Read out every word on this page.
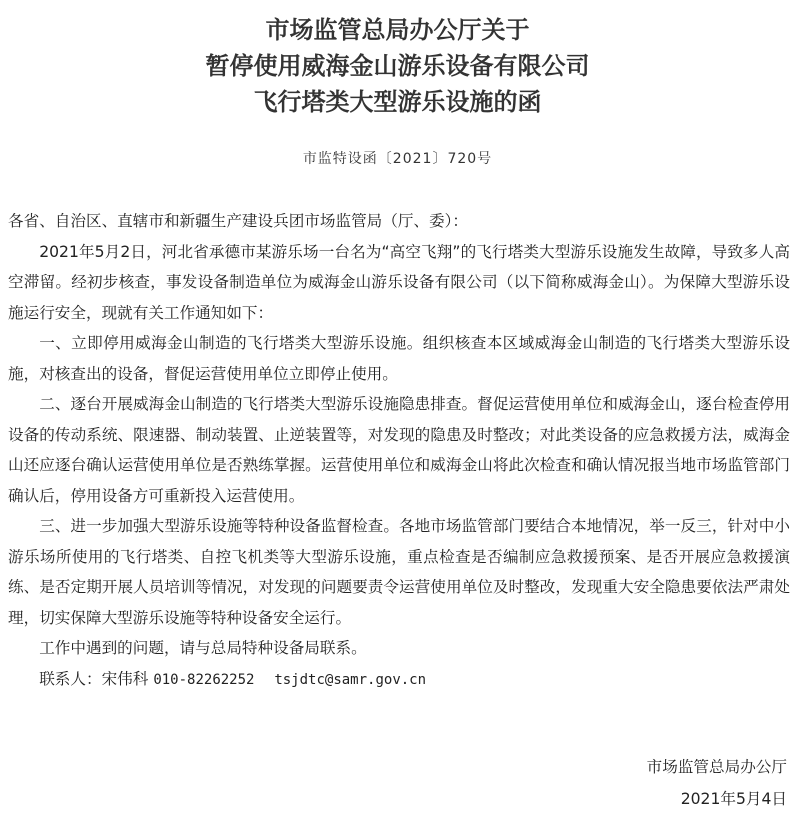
市场监管总局办公厅关于
暂停使用威海金山游乐设备有限公司
飞行塔类大型游乐设施的函
市监特设函〔2021〕720号

各省、自治区、直辖市和新疆生产建设兵团市场监管局（厅、委）：

2021年5月2日，河北省承德市某游乐场一台名为“高空飞翔”的飞行塔类大型游乐设施发生故障，导致多人高空滞留。经初步核查，事发设备制造单位为威海金山游乐设备有限公司（以下简称威海金山）。为保障大型游乐设施运行安全，现就有关工作通知如下：

一、立即停用威海金山制造的飞行塔类大型游乐设施。组织核查本区域威海金山制造的飞行塔类大型游乐设施，对核查出的设备，督促运营使用单位立即停止使用。

二、逐台开展威海金山制造的飞行塔类大型游乐设施隐患排查。督促运营使用单位和威海金山，逐台检查停用设备的传动系统、限速器、制动装置、止逆装置等，对发现的隐患及时整改；对此类设备的应急救援方法，威海金山还应逐台确认运营使用单位是否熟练掌握。运营使用单位和威海金山将此次检查和确认情况报当地市场监管部门确认后，停用设备方可重新投入运营使用。

三、进一步加强大型游乐设施等特种设备监督检查。各地市场监管部门要结合本地情况，举一反三，针对中小游乐场所使用的飞行塔类、自控飞机类等大型游乐设施，重点检查是否编制应急救援预案、是否开展应急救援演练、是否定期开展人员培训等情况，对发现的问题要责令运营使用单位及时整改，发现重大安全隐患要依法严肃处理，切实保障大型游乐设施等特种设备安全运行。

工作中遇到的问题，请与总局特种设备局联系。

联系人：宋伟科 010-82262252 tsjdtc@samr.gov.cn

市场监管总局办公厅
2021年5月4日
